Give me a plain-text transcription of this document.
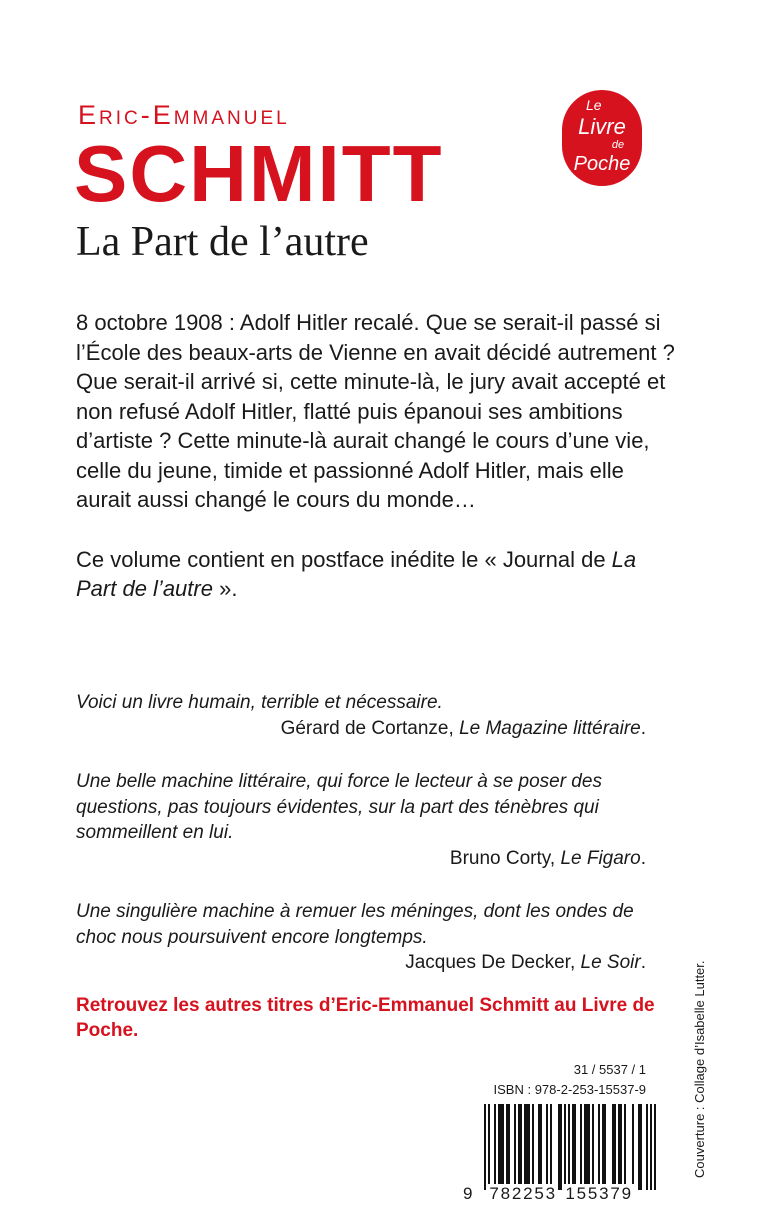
Eric-Emmanuel
SCHMITT
La Part de l’autre
Le
Livre
de
Poche

8 octobre 1908 : Adolf Hitler recalé. Que se serait-il passé si l’École des beaux-arts de Vienne en avait décidé autrement ? Que serait-il arrivé si, cette minute-là, le jury avait accepté et non refusé Adolf Hitler, flatté puis épanoui ses ambitions d’artiste ? Cette minute-là aurait changé le cours d’une vie, celle du jeune, timide et passionné Adolf Hitler, mais elle aurait aussi changé le cours du monde…

Ce volume contient en postface inédite le « Journal de La Part de l’autre ».

Voici un livre humain, terrible et nécessaire.
Gérard de Cortanze, Le Magazine littéraire.
Une belle machine littéraire, qui force le lecteur à se poser des questions, pas toujours évidentes, sur la part des ténèbres qui sommeillent en lui.
Bruno Corty, Le Figaro.
Une singulière machine à remuer les méninges, dont les ondes de choc nous poursuivent encore longtemps.
Jacques De Decker, Le Soir.
Retrouvez les autres titres d’Eric-Emmanuel Schmitt au Livre de Poche.	Couverture : Collage d’Isabelle Lutter.
31 / 5537 / 1
ISBN : 978-2-253-15537-9
9 782253 155379
